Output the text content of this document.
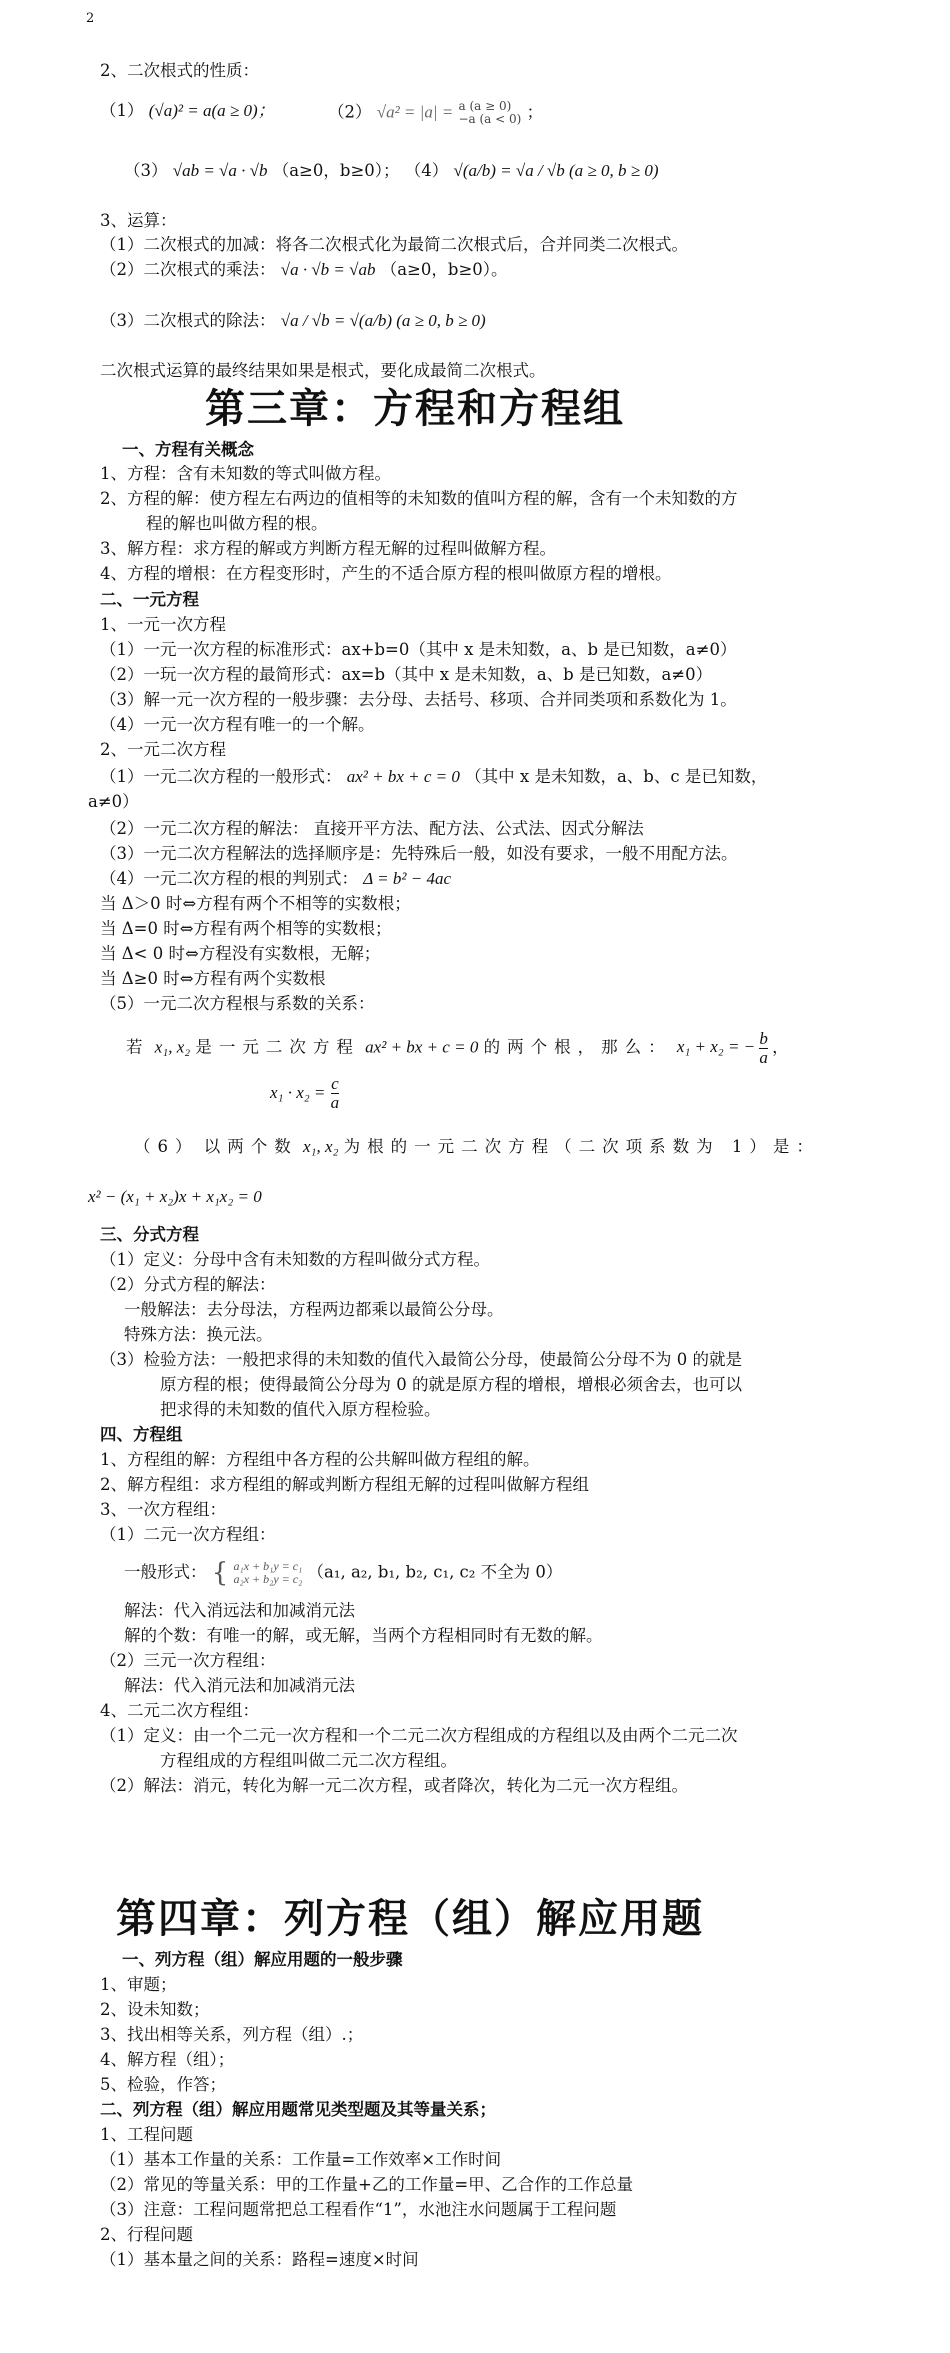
2
2、二次根式的性质：
（1） (√a)² = a(a ≥ 0)；	（2） √a² = |a| = a (a ≥ 0)
−a (a < 0) ；
（3） √ab = √a · √b （a≥0，b≥0）； （4） √(a/b) = √a / √b (a ≥ 0, b ≥ 0)
3、运算：
（1）二次根式的加减：将各二次根式化为最简二次根式后，合并同类二次根式。
（2）二次根式的乘法： √a · √b = √ab （a≥0，b≥0）。
（3）二次根式的除法： √a / √b = √(a/b) (a ≥ 0, b ≥ 0)
二次根式运算的最终结果如果是根式，要化成最简二次根式。
第三章：方程和方程组
一、方程有关概念
1、方程：含有未知数的等式叫做方程。
2、方程的解：使方程左右两边的值相等的未知数的值叫方程的解，含有一个未知数的方
程的解也叫做方程的根。
3、解方程：求方程的解或方判断方程无解的过程叫做解方程。
4、方程的增根：在方程变形时，产生的不适合原方程的根叫做原方程的增根。
二、一元方程
1、一元一次方程
（1）一元一次方程的标准形式：ax+b=0（其中 x 是未知数，a、b 是已知数，a≠0）
（2）一玩一次方程的最简形式：ax=b（其中 x 是未知数，a、b 是已知数，a≠0）
（3）解一元一次方程的一般步骤：去分母、去括号、移项、合并同类项和系数化为 1。
（4）一元一次方程有唯一的一个解。
2、一元二次方程
（1）一元二次方程的一般形式： ax² + bx + c = 0 （其中 x 是未知数，a、b、c 是已知数，
a≠0）
（2）一元二次方程的解法： 直接开平方法、配方法、公式法、因式分解法
（3）一元二次方程解法的选择顺序是：先特殊后一般，如没有要求，一般不用配方法。
（4）一元二次方程的根的判别式： Δ = b² − 4ac
当 Δ＞0 时⇔方程有两个不相等的实数根；
当 Δ=0 时⇔方程有两个相等的实数根；
当 Δ< 0 时⇔方程没有实数根，无解；
当 Δ≥0 时⇔方程有两个实数根
（5）一元二次方程根与系数的关系：
若 x₁, x₂ 是一元二次方程 ax² + bx + c = 0 的两个根，那么： x₁ + x₂ = − $\frac{b}{a}$ ，
$x_1 \cdot x_2 = \frac{c}{a}$
（6） 以两个数 x₁, x₂ 为根的一元二次方程（二次项系数为 1）是：
x² − (x₁ + x₂)x + x₁x₂ = 0
三、分式方程
（1）定义：分母中含有未知数的方程叫做分式方程。
（2）分式方程的解法：
一般解法：去分母法，方程两边都乘以最简公分母。
特殊方法：换元法。
（3）检验方法：一般把求得的未知数的值代入最简公分母，使最简公分母不为 0 的就是
原方程的根；使得最简公分母为 0 的就是原方程的增根，增根必须舍去，也可以
把求得的未知数的值代入原方程检验。
四、方程组
1、方程组的解：方程组中各方程的公共解叫做方程组的解。
2、解方程组：求方程组的解或判断方程组无解的过程叫做解方程组
3、一次方程组：
（1）二元一次方程组：
一般形式： { a₁x + b₁y = c₁
a₂x + b₂y = c₂ （a₁, a₂, b₁, b₂, c₁, c₂ 不全为 0）
解法：代入消远法和加减消元法
解的个数：有唯一的解，或无解，当两个方程相同时有无数的解。
（2）三元一次方程组：
解法：代入消元法和加减消元法
4、二元二次方程组：
（1）定义：由一个二元一次方程和一个二元二次方程组成的方程组以及由两个二元二次
方程组成的方程组叫做二元二次方程组。
（2）解法：消元，转化为解一元二次方程，或者降次，转化为二元一次方程组。
第四章：列方程（组）解应用题
一、列方程（组）解应用题的一般步骤
1、审题；
2、设未知数；
3、找出相等关系，列方程（组）.；
4、解方程（组）；
5、检验，作答；
二、列方程（组）解应用题常见类型题及其等量关系；
1、工程问题
（1）基本工作量的关系：工作量=工作效率×工作时间
（2）常见的等量关系：甲的工作量+乙的工作量=甲、乙合作的工作总量
（3）注意：工程问题常把总工程看作“1”，水池注水问题属于工程问题
2、行程问题
（1）基本量之间的关系：路程=速度×时间
